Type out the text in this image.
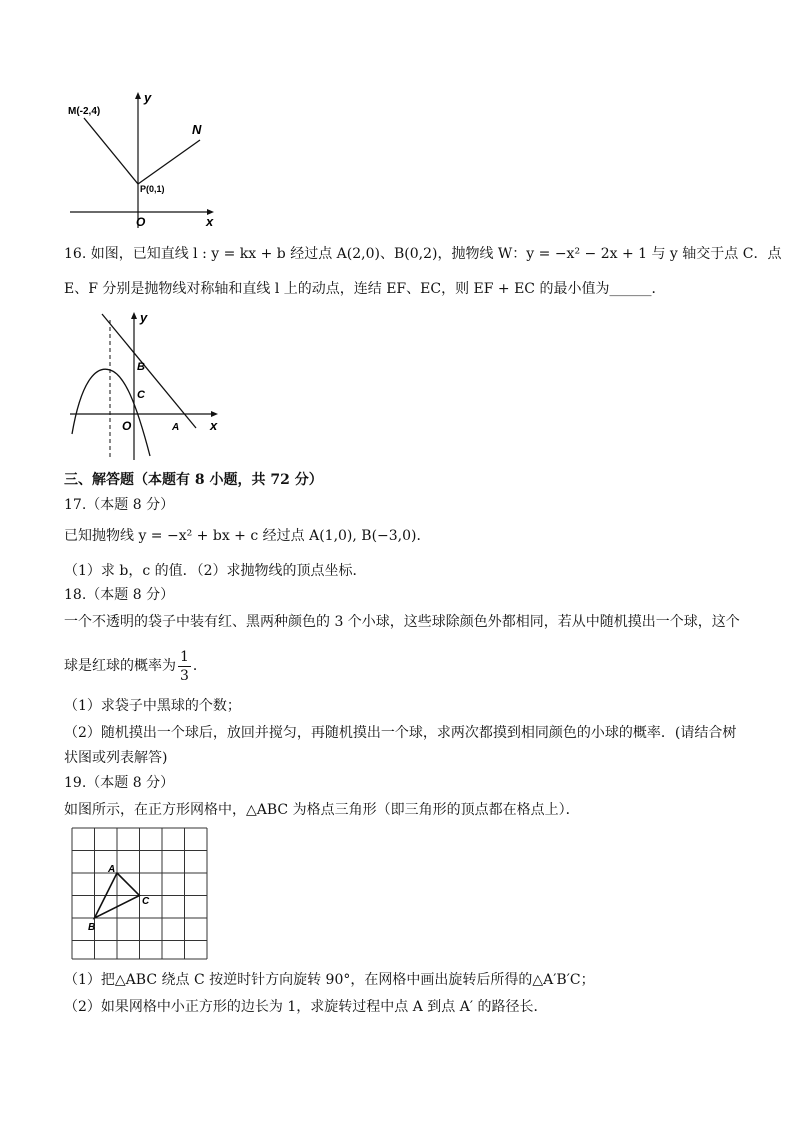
M(-2,4)
P(0,1)
N
y
x
O
16. 如图，已知直线 l : y = kx + b 经过点 A(2,0)、B(0,2)，抛物线 W：y = −x² − 2x + 1 与 y 轴交于点 C．点
E、F 分别是抛物线对称轴和直线 l 上的动点，连结 EF、EC，则 EF + EC 的最小值为______．
y
x
O
B
C
A
三、解答题（本题有 8 小题，共 72 分）
17.（本题 8 分）
已知抛物线 y = −x² + bx + c 经过点 A(1,0), B(−3,0)．
（1）求 b，c 的值．（2）求抛物线的顶点坐标．
18.（本题 8 分）
一个不透明的袋子中装有红、黑两种颜色的 3 个小球，这些球除颜色外都相同，若从中随机摸出一个球，这个
球是红球的概率为 $\frac{1}{3}$ ．
（1）求袋子中黑球的个数；
（2）随机摸出一个球后，放回并搅匀，再随机摸出一个球，求两次都摸到相同颜色的小球的概率．(请结合树
状图或列表解答)
19.（本题 8 分）
如图所示，在正方形网格中，△ABC 为格点三角形（即三角形的顶点都在格点上）．
A
C
B
（1）把△ABC 绕点 C 按逆时针方向旋转 90°，在网格中画出旋转后所得的△A′B′C；
（2）如果网格中小正方形的边长为 1，求旋转过程中点 A 到点 A′ 的路径长．
